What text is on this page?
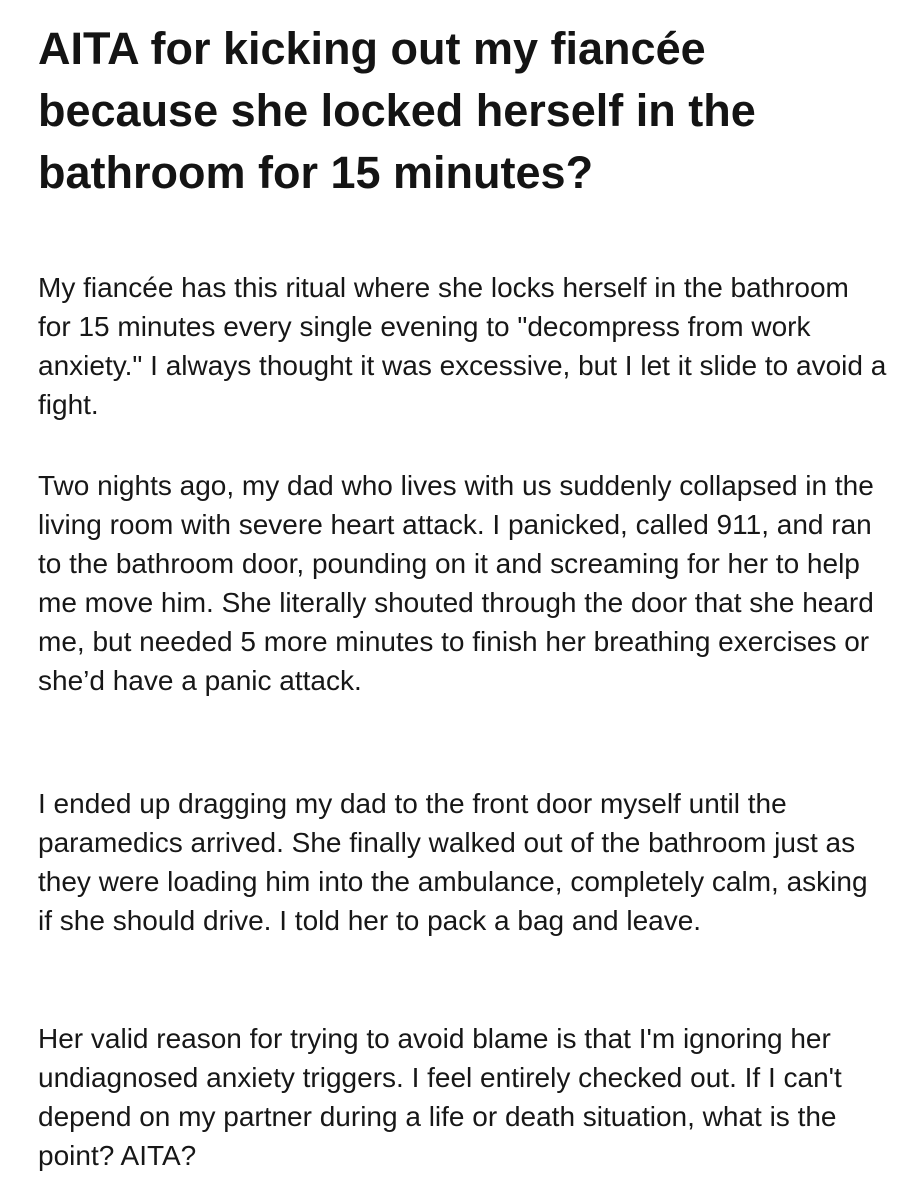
AITA for kicking out my fiancée because she locked herself in the bathroom for 15 minutes?

My fiancée has this ritual where she locks herself in the bathroom for 15 minutes every single evening to "decompress from work anxiety." I always thought it was excessive, but I let it slide to avoid a fight.

Two nights ago, my dad who lives with us suddenly collapsed in the living room with severe heart attack. I panicked, called 911, and ran to the bathroom door, pounding on it and screaming for her to help me move him. She literally shouted through the door that she heard me, but needed 5 more minutes to finish her breathing exercises or she’d have a panic attack.

I ended up dragging my dad to the front door myself until the paramedics arrived. She finally walked out of the bathroom just as they were loading him into the ambulance, completely calm, asking if she should drive. I told her to pack a bag and leave.

Her valid reason for trying to avoid blame is that I'm ignoring her undiagnosed anxiety triggers. I feel entirely checked out. If I can't depend on my partner during a life or death situation, what is the point? AITA?
